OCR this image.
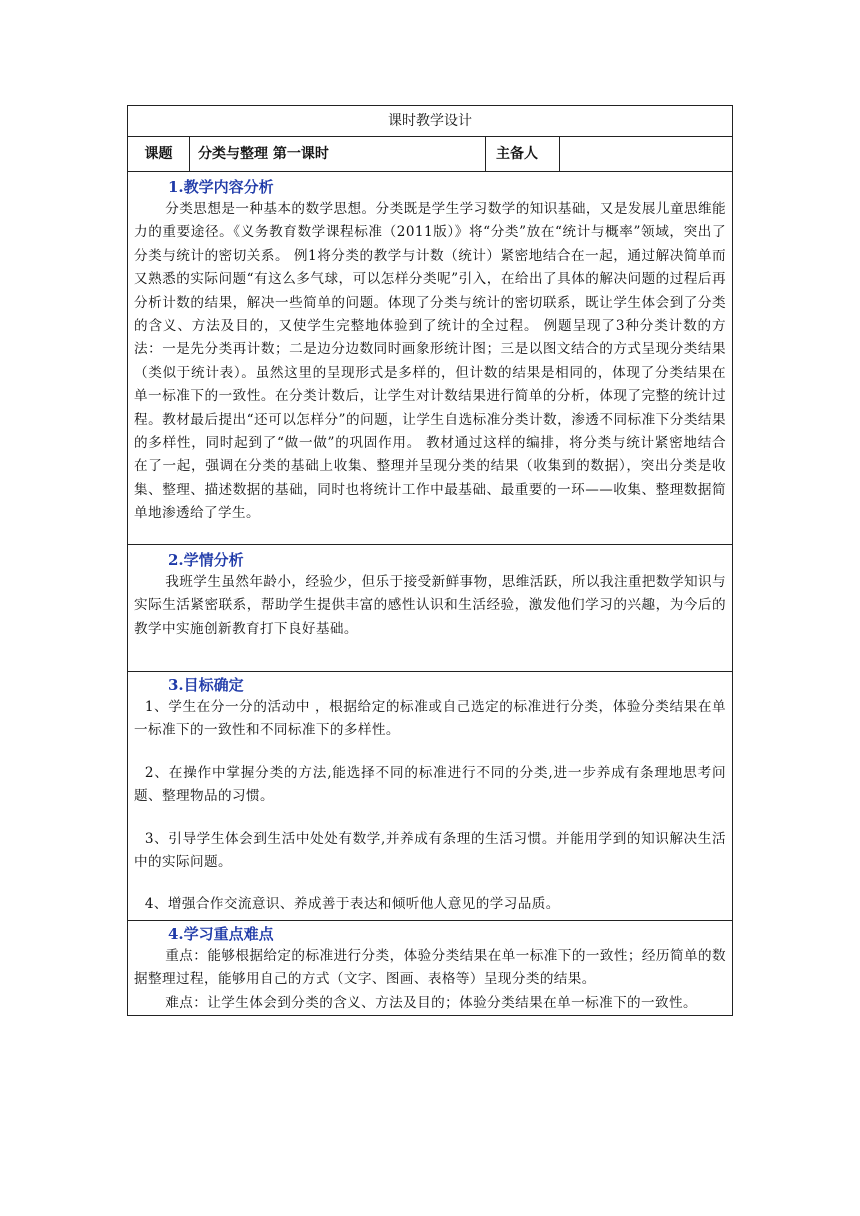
课时教学设计
课题	分类与整理 第一课时	主备人	

1.教学内容分析
分类思想是一种基本的数学思想。分类既是学生学习数学的知识基础，又是发展儿童思维能力的重要途径。《义务教育数学课程标准（2011版）》将“分类”放在“统计与概率”领域，突出了分类与统计的密切关系。 例1将分类的教学与计数（统计）紧密地结合在一起，通过解决简单而又熟悉的实际问题“有这么多气球，可以怎样分类呢”引入，在给出了具体的解决问题的过程后再分析计数的结果，解决一些简单的问题。体现了分类与统计的密切联系，既让学生体会到了分类的含义、方法及目的，又使学生完整地体验到了统计的全过程。 例题呈现了3种分类计数的方法：一是先分类再计数；二是边分边数同时画象形统计图；三是以图文结合的方式呈现分类结果（类似于统计表）。虽然这里的呈现形式是多样的，但计数的结果是相同的，体现了分类结果在单一标准下的一致性。在分类计数后，让学生对计数结果进行简单的分析，体现了完整的统计过程。教材最后提出“还可以怎样分”的问题，让学生自选标准分类计数，渗透不同标准下分类结果的多样性，同时起到了“做一做”的巩固作用。 教材通过这样的编排，将分类与统计紧密地结合在了一起，强调在分类的基础上收集、整理并呈现分类的结果（收集到的数据），突出分类是收集、整理、描述数据的基础，同时也将统计工作中最基础、最重要的一环——收集、整理数据简单地渗透给了学生。

2.学情分析
我班学生虽然年龄小，经验少，但乐于接受新鲜事物，思维活跃，所以我注重把数学知识与实际生活紧密联系，帮助学生提供丰富的感性认识和生活经验，激发他们学习的兴趣，为今后的教学中实施创新教育打下良好基础。

3.目标确定
1、学生在分一分的活动中 ，根据给定的标准或自己选定的标准进行分类，体验分类结果在单一标准下的一致性和不同标准下的多样性。
2、在操作中掌握分类的方法,能选择不同的标准进行不同的分类,进一步养成有条理地思考问题、整理物品的习惯。
3、引导学生体会到生活中处处有数学,并养成有条理的生活习惯。并能用学到的知识解决生活中的实际问题。
4、增强合作交流意识、养成善于表达和倾听他人意见的学习品质。

4.学习重点难点
重点：能够根据给定的标准进行分类，体验分类结果在单一标准下的一致性；经历简单的数据整理过程，能够用自己的方式（文字、图画、表格等）呈现分类的结果。
难点：让学生体会到分类的含义、方法及目的；体验分类结果在单一标准下的一致性。
